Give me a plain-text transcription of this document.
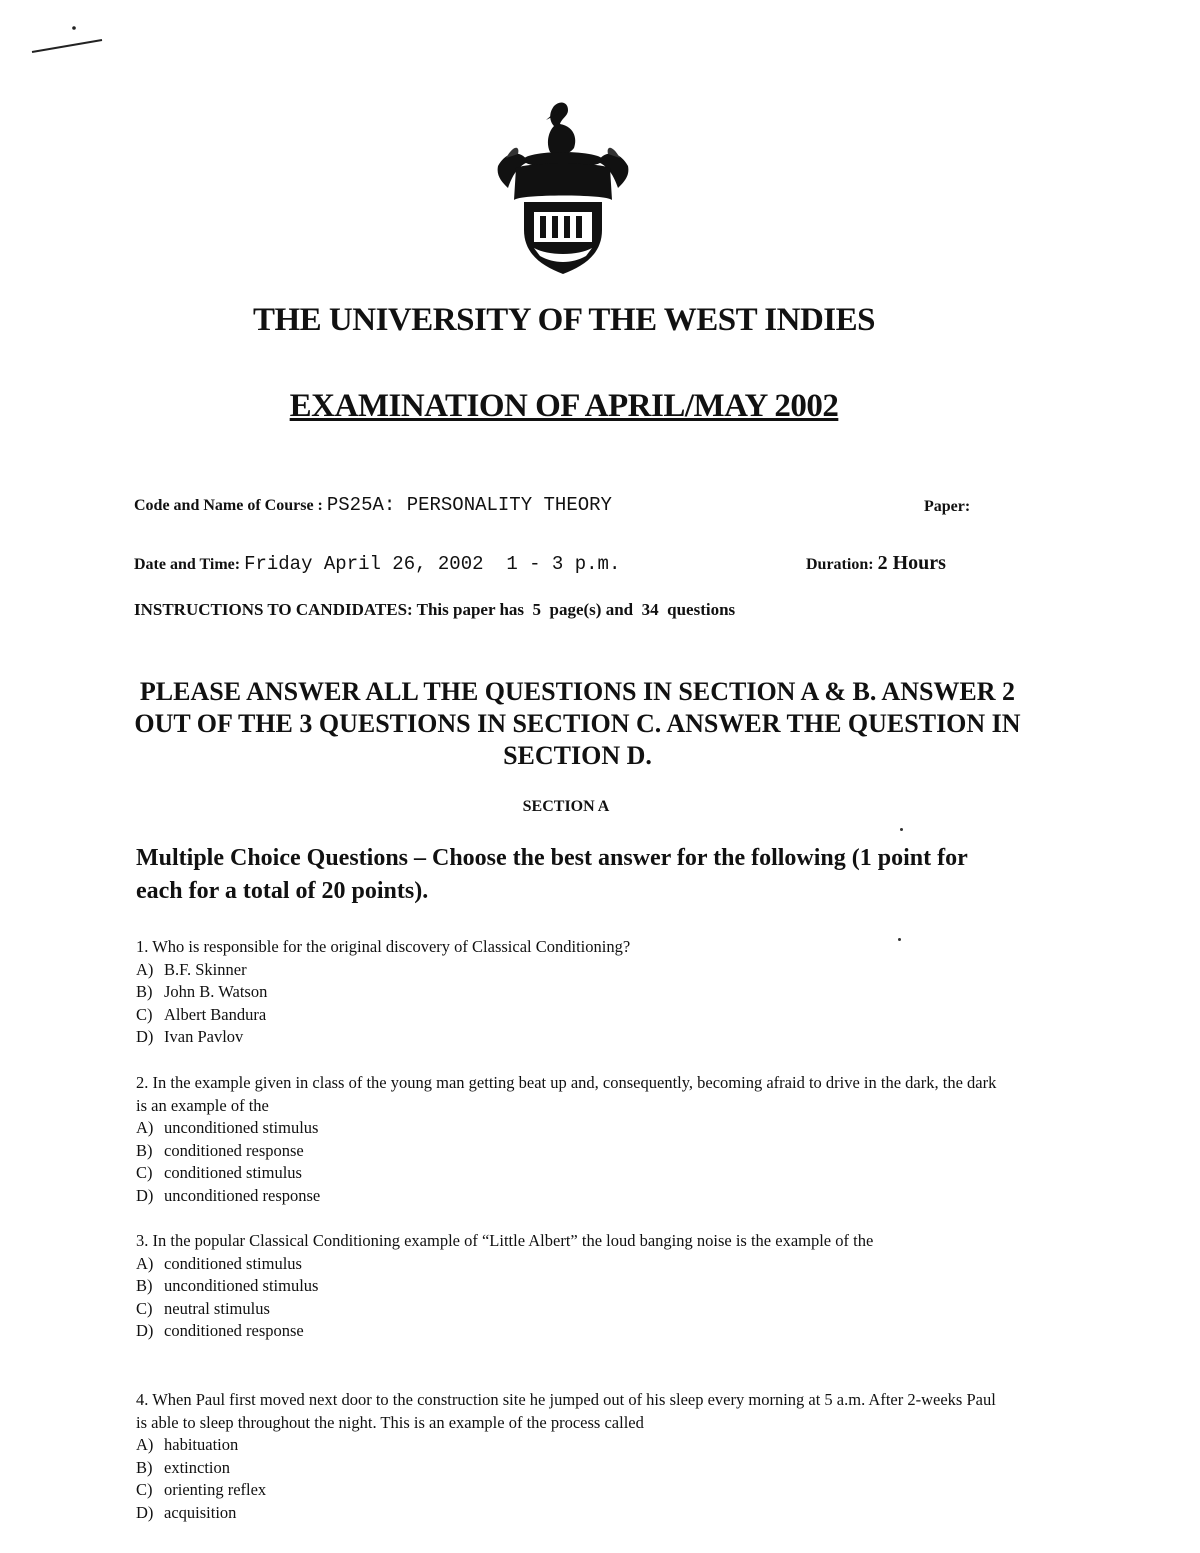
THE UNIVERSITY OF THE WEST INDIES
EXAMINATION OF APRIL/MAY 2002
Code and Name of Course : PS25A: PERSONALITY THEORY	Paper:
Date and Time: Friday April 26, 2002  1 - 3 p.m.	Duration: 2 Hours
INSTRUCTIONS TO CANDIDATES: This paper has  5  page(s) and  34  questions
PLEASE ANSWER ALL THE QUESTIONS IN SECTION A & B. ANSWER 2 OUT OF THE 3 QUESTIONS IN SECTION C. ANSWER THE QUESTION IN SECTION D.
SECTION A
Multiple Choice Questions – Choose the best answer for the following (1 point for each for a total of 20 points).

1. Who is responsible for the original discovery of Classical Conditioning?

A) B.F. Skinner
B) John B. Watson
C) Albert Bandura
D) Ivan Pavlov

2. In the example given in class of the young man getting beat up and, consequently, becoming afraid to drive in the dark, the dark is an example of the

A) unconditioned stimulus
B) conditioned response
C) conditioned stimulus
D) unconditioned response

3. In the popular Classical Conditioning example of “Little Albert” the loud banging noise is the example of the

A) conditioned stimulus
B) unconditioned stimulus
C) neutral stimulus
D) conditioned response

4. When Paul first moved next door to the construction site he jumped out of his sleep every morning at 5 a.m. After 2-weeks Paul is able to sleep throughout the night. This is an example of the process called

A) habituation
B) extinction
C) orienting reflex
D) acquisition
